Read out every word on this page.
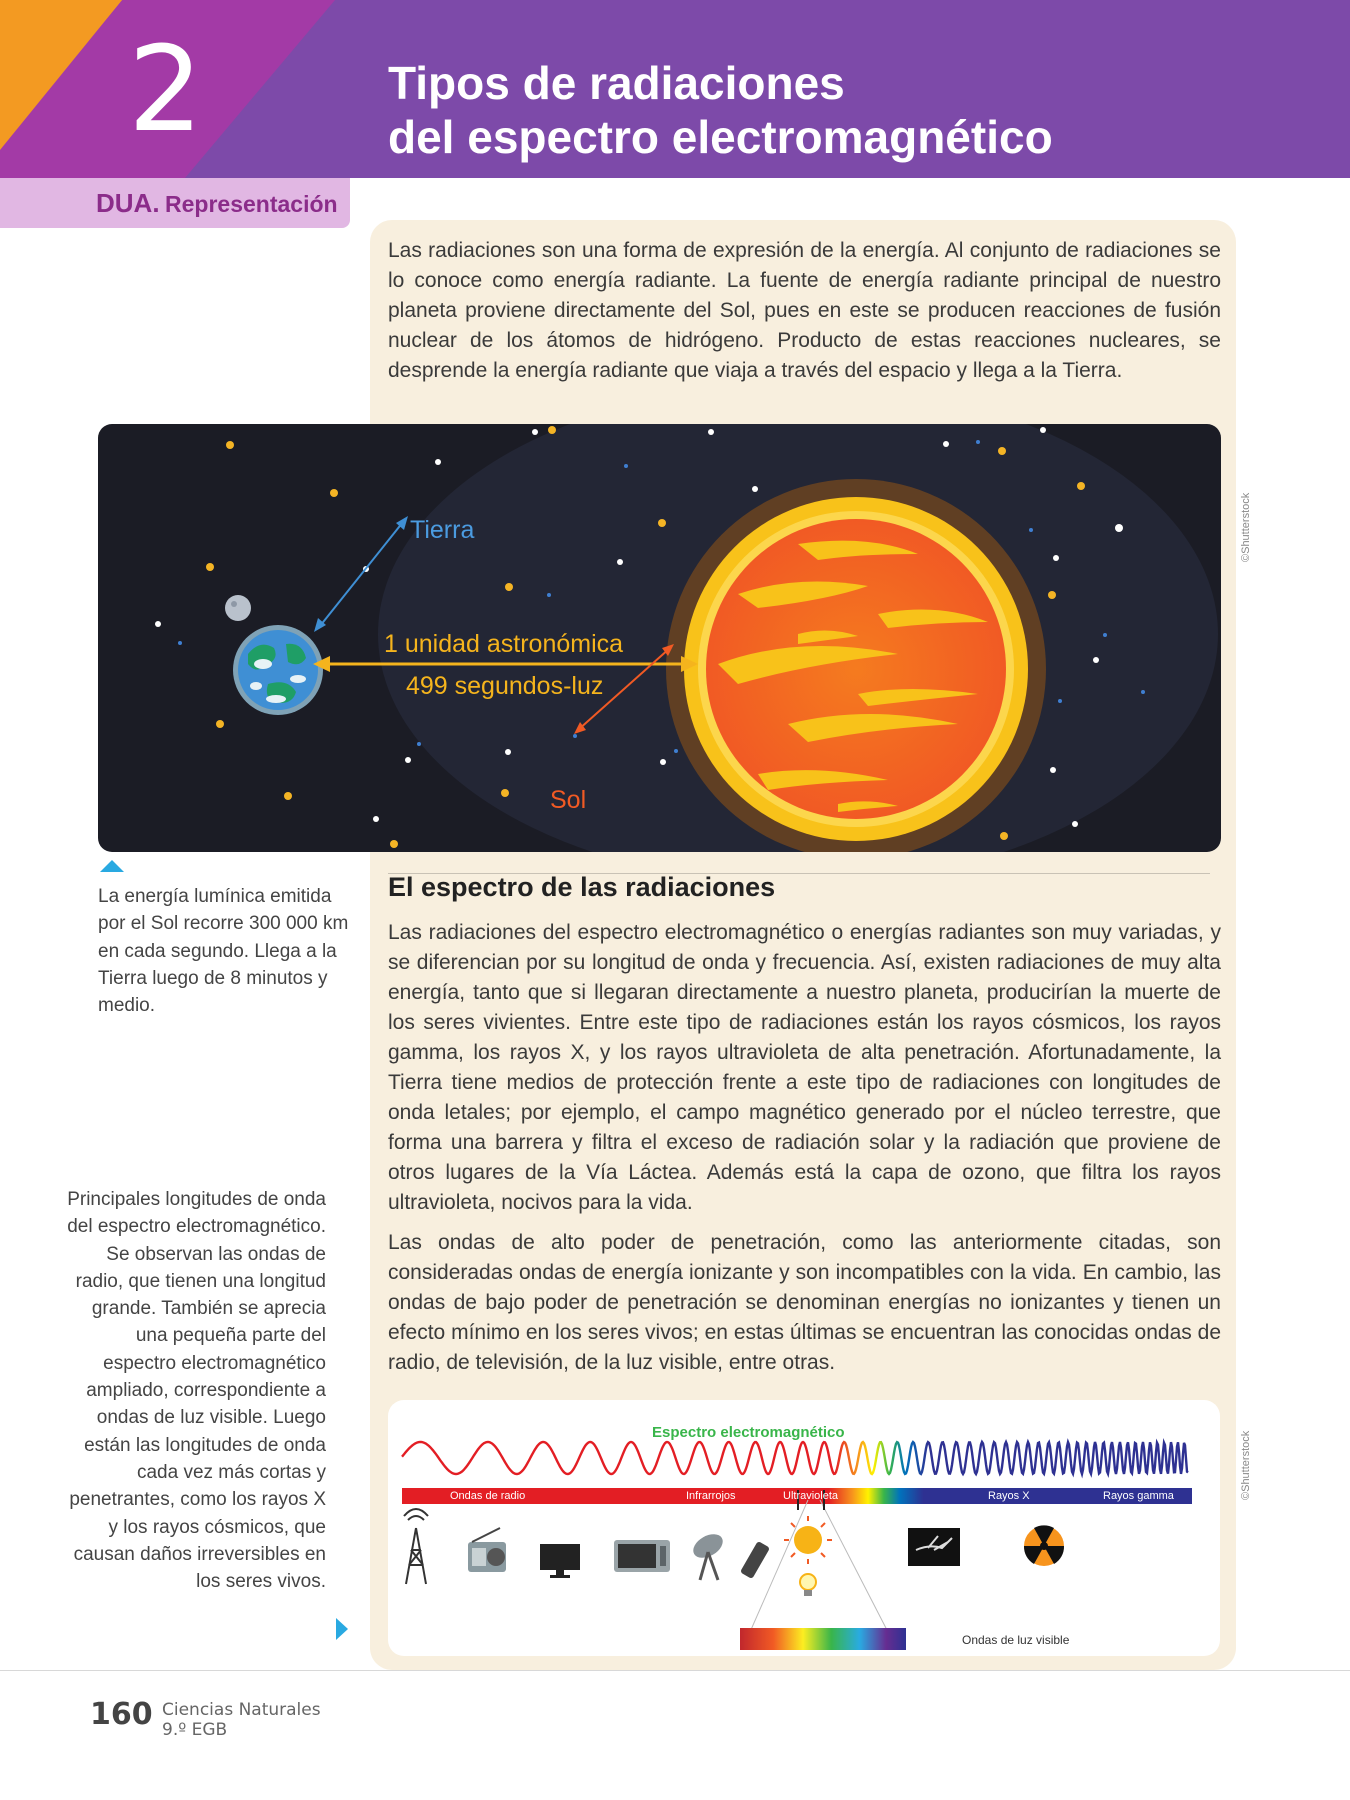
2	Tipos de radiaciones
del espectro electromagnético
DUA. Representación

Las radiaciones son una forma de expresión de la energía. Al conjunto de radiaciones se lo conoce como energía radiante. La fuente de energía radiante principal de nuestro planeta proviene directamente del Sol, pues en este se producen reacciones de fusión nuclear de los átomos de hidrógeno. Producto de estas reacciones nucleares, se desprende la energía radiante que viaja a través del espacio y llega a la Tierra.

Tierra
1 unidad astronómica
499 segundos-luz
Sol
©Shutterstock

La energía lumínica emitida por el Sol recorre 300 000 km en cada segundo. Llega a la Tierra luego de 8 minutos y medio.

El espectro de las radiaciones

Las radiaciones del espectro electromagnético o energías radiantes son muy variadas, y se diferencian por su longitud de onda y frecuencia. Así, existen radiaciones de muy alta energía, tanto que si llegaran directamente a nuestro planeta, producirían la muerte de los seres vivientes. Entre este tipo de radiaciones están los rayos cósmicos, los rayos gamma, los rayos X, y los rayos ultravioleta de alta penetración. Afortunadamente, la Tierra tiene medios de protección frente a este tipo de radiaciones con longitudes de onda letales; por ejemplo, el campo magnético generado por el núcleo terrestre, que forma una barrera y filtra el exceso de radiación solar y la radiación que proviene de otros lugares de la Vía Láctea. Además está la capa de ozono, que filtra los rayos ultravioleta, nocivos para la vida.

Las ondas de alto poder de penetración, como las anteriormente citadas, son consideradas ondas de energía ionizante y son incompatibles con la vida. En cambio, las ondas de bajo poder de penetración se denominan energías no ionizantes y tienen un efecto mínimo en los seres vivos; en estas últimas se encuentran las conocidas ondas de radio, de televisión, de la luz visible, entre otras.

Principales longitudes de onda del espectro electromagnético. Se observan las ondas de radio, que tienen una longitud grande. También se aprecia una pequeña parte del espectro electromagnético ampliado, correspondiente a ondas de luz visible. Luego están las longitudes de onda cada vez más cortas y penetrantes, como los rayos X y los rayos cósmicos, que causan daños irreversibles en los seres vivos.

Espectro electromagnético
Ondas de radio	Infrarrojos	Ultravioleta	Rayos X	Rayos gamma
Ondas de luz visible
©Shutterstock
160 Ciencias Naturales
9.º EGB
